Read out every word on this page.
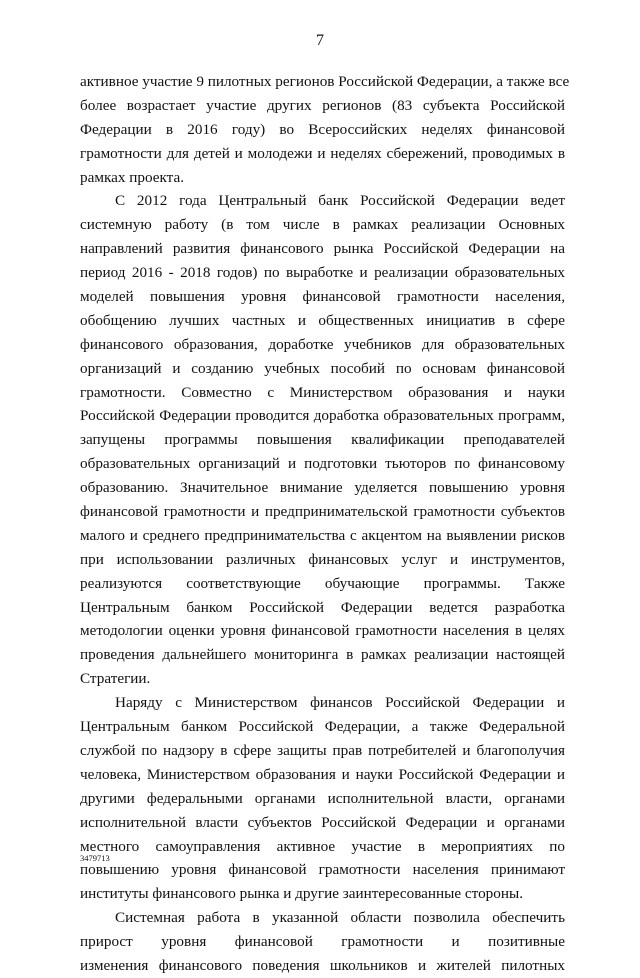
7
активное участие 9 пилотных регионов Российской Федерации, а также все
более возрастает участие других регионов (83 субъекта Российской
Федерации в 2016 году) во Всероссийских неделях финансовой
грамотности для детей и молодежи и неделях сбережений, проводимых в
рамках проекта.
С 2012 года Центральный банк Российской Федерации ведет
системную работу (в том числе в рамках реализации Основных
направлений развития финансового рынка Российской Федерации на
период 2016 - 2018 годов) по выработке и реализации образовательных
моделей повышения уровня финансовой грамотности населения,
обобщению лучших частных и общественных инициатив в сфере
финансового образования, доработке учебников для образовательных
организаций и созданию учебных пособий по основам финансовой
грамотности. Совместно с Министерством образования и науки
Российской Федерации проводится доработка образовательных программ,
запущены программы повышения квалификации преподавателей
образовательных организаций и подготовки тьюторов по финансовому
образованию. Значительное внимание уделяется повышению уровня
финансовой грамотности и предпринимательской грамотности субъектов
малого и среднего предпринимательства с акцентом на выявлении рисков
при использовании различных финансовых услуг и инструментов,
реализуются соответствующие обучающие программы. Также
Центральным банком Российской Федерации ведется разработка
методологии оценки уровня финансовой грамотности населения в целях
проведения дальнейшего мониторинга в рамках реализации настоящей
Стратегии.
Наряду с Министерством финансов Российской Федерации и
Центральным банком Российской Федерации, а также Федеральной
службой по надзору в сфере защиты прав потребителей и благополучия
человека, Министерством образования и науки Российской Федерации и
другими федеральными органами исполнительной власти, органами
исполнительной власти субъектов Российской Федерации и органами
местного самоуправления активное участие в мероприятиях по
повышению уровня финансовой грамотности населения принимают
институты финансового рынка и другие заинтересованные стороны.
Системная работа в указанной области позволила обеспечить
прирост уровня финансовой грамотности и позитивные
изменения финансового поведения школьников и жителей пилотных
3479713
